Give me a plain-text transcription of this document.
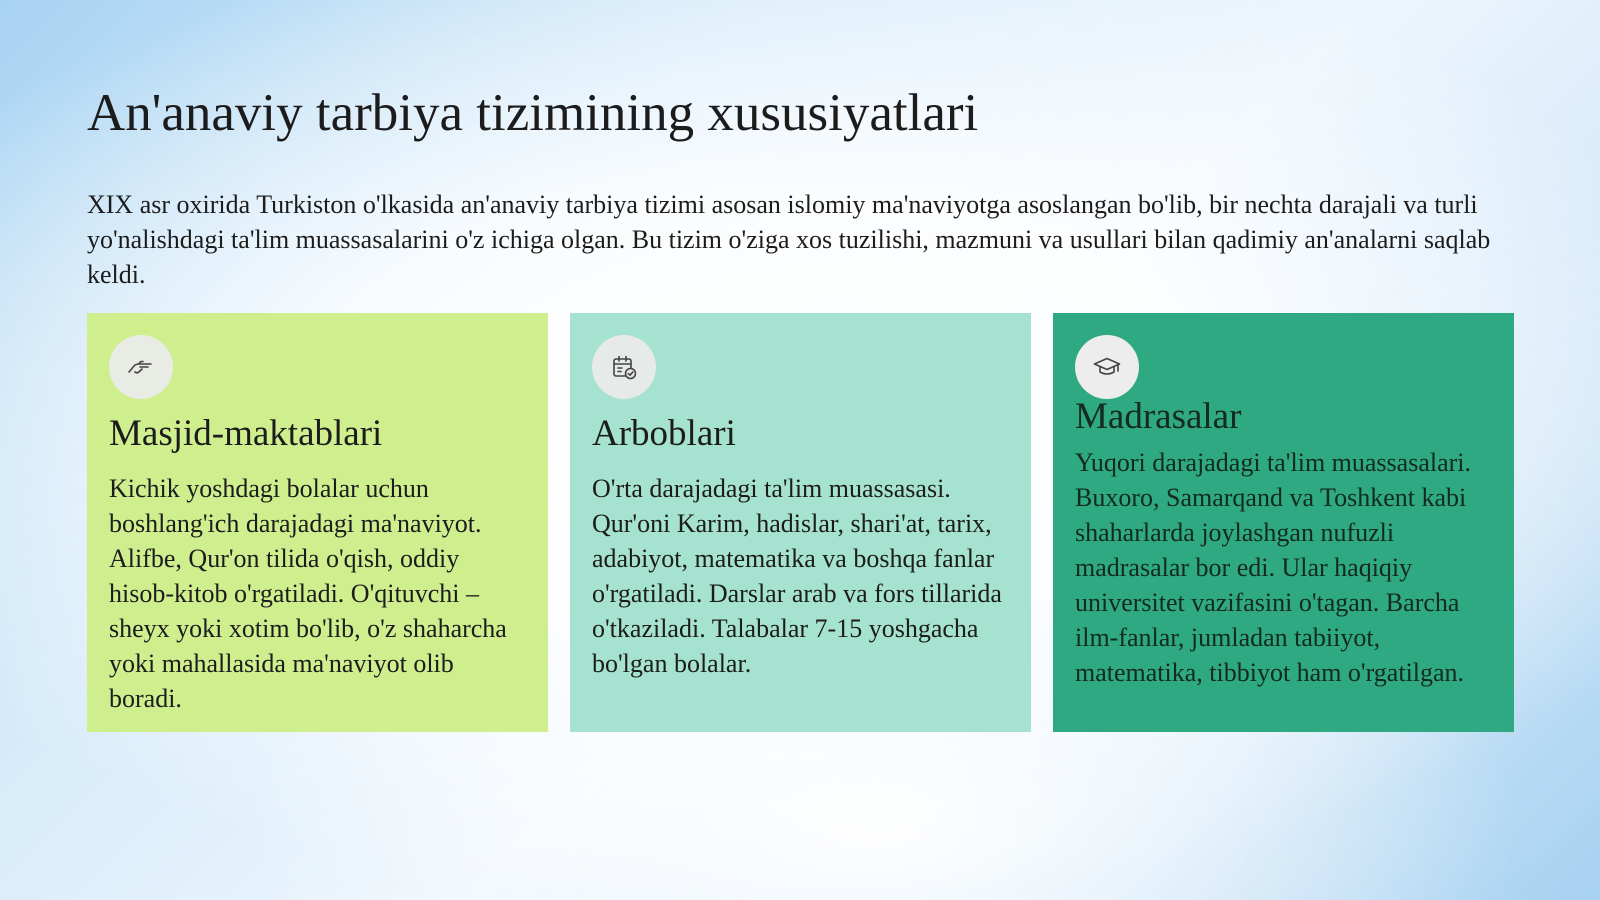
An'anaviy tarbiya tizimining xususiyatlari

XIX asr oxirida Turkiston o'lkasida an'anaviy tarbiya tizimi asosan islomiy ma'naviyotga asoslangan bo'lib, bir nechta darajali va turli yo'nalishdagi ta'lim muassasalarini o'z ichiga olgan. Bu tizim o'ziga xos tuzilishi, mazmuni va usullari bilan qadimiy an'analarni saqlab keldi.

Masjid-maktablari

Kichik yoshdagi bolalar uchun boshlang'ich darajadagi ma'naviyot. Alifbe, Qur'on tilida o'qish, oddiy hisob-kitob o'rgatiladi. O'qituvchi – sheyx yoki xotim bo'lib, o'z shaharcha yoki mahallasida ma'naviyot olib boradi.

Arboblari

O'rta darajadagi ta'lim muassasasi. Qur'oni Karim, hadislar, shari'at, tarix, adabiyot, matematika va boshqa fanlar o'rgatiladi. Darslar arab va fors tillarida o'tkaziladi. Talabalar 7-15 yoshgacha bo'lgan bolalar.

Madrasalar

Yuqori darajadagi ta'lim muassasalari. Buxoro, Samarqand va Toshkent kabi shaharlarda joylashgan nufuzli madrasalar bor edi. Ular haqiqiy universitet vazifasini o'tagan. Barcha ilm-fanlar, jumladan tabiiyot, matematika, tibbiyot ham o'rgatilgan.
